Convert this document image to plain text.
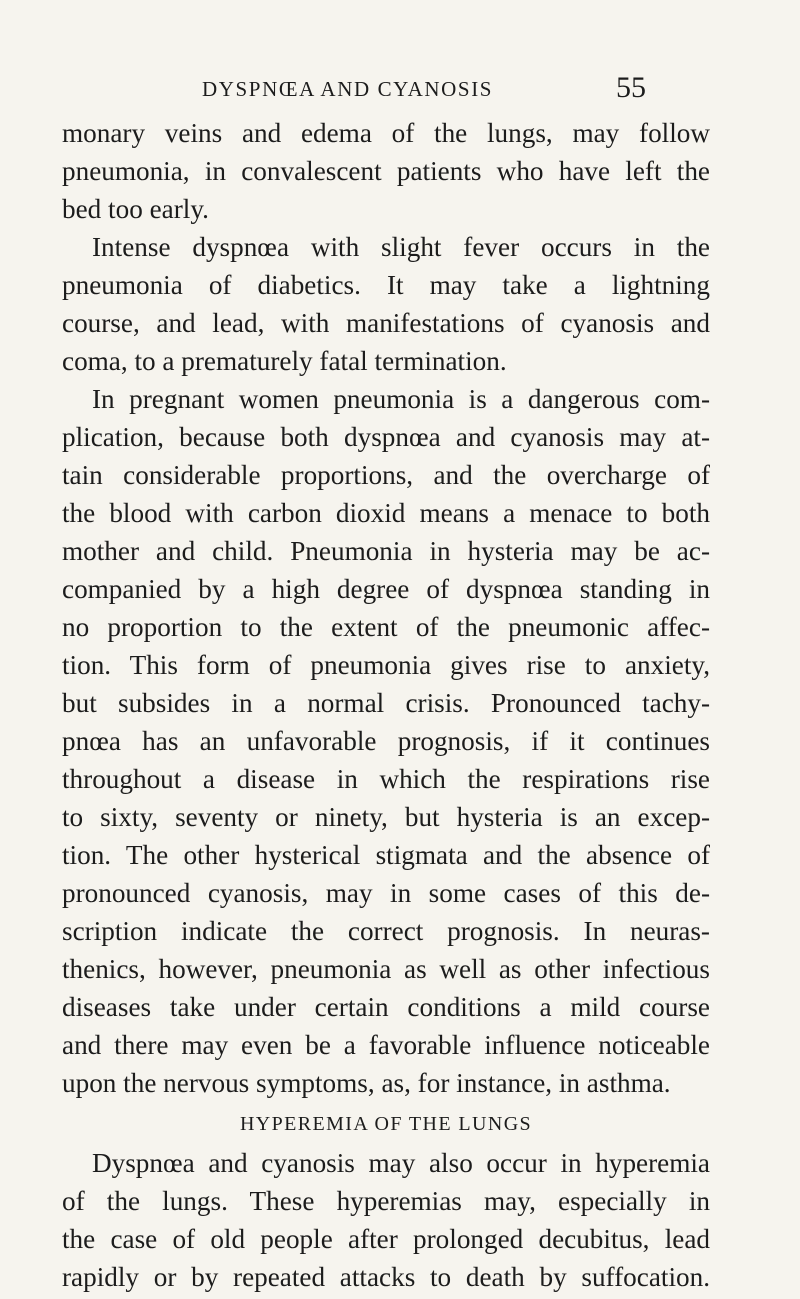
DYSPNŒA AND CYANOSIS	55
monary veins and edema of the lungs, may follow
pneumonia, in convalescent patients who have left the
bed too early.
Intense dyspnœa with slight fever occurs in the
pneumonia of diabetics. It may take a lightning
course, and lead, with manifestations of cyanosis and
coma, to a prematurely fatal termination.
In pregnant women pneumonia is a dangerous com-
plication, because both dyspnœa and cyanosis may at-
tain considerable proportions, and the overcharge of
the blood with carbon dioxid means a menace to both
mother and child. Pneumonia in hysteria may be ac-
companied by a high degree of dyspnœa standing in
no proportion to the extent of the pneumonic affec-
tion. This form of pneumonia gives rise to anxiety,
but subsides in a normal crisis. Pronounced tachy-
pnœa has an unfavorable prognosis, if it continues
throughout a disease in which the respirations rise
to sixty, seventy or ninety, but hysteria is an excep-
tion. The other hysterical stigmata and the absence of
pronounced cyanosis, may in some cases of this de-
scription indicate the correct prognosis. In neuras-
thenics, however, pneumonia as well as other infectious
diseases take under certain conditions a mild course
and there may even be a favorable influence noticeable
upon the nervous symptoms, as, for instance, in asthma.
HYPEREMIA OF THE LUNGS
Dyspnœa and cyanosis may also occur in hyperemia
of the lungs. These hyperemias may, especially in
the case of old people after prolonged decubitus, lead
rapidly or by repeated attacks to death by suffocation.
